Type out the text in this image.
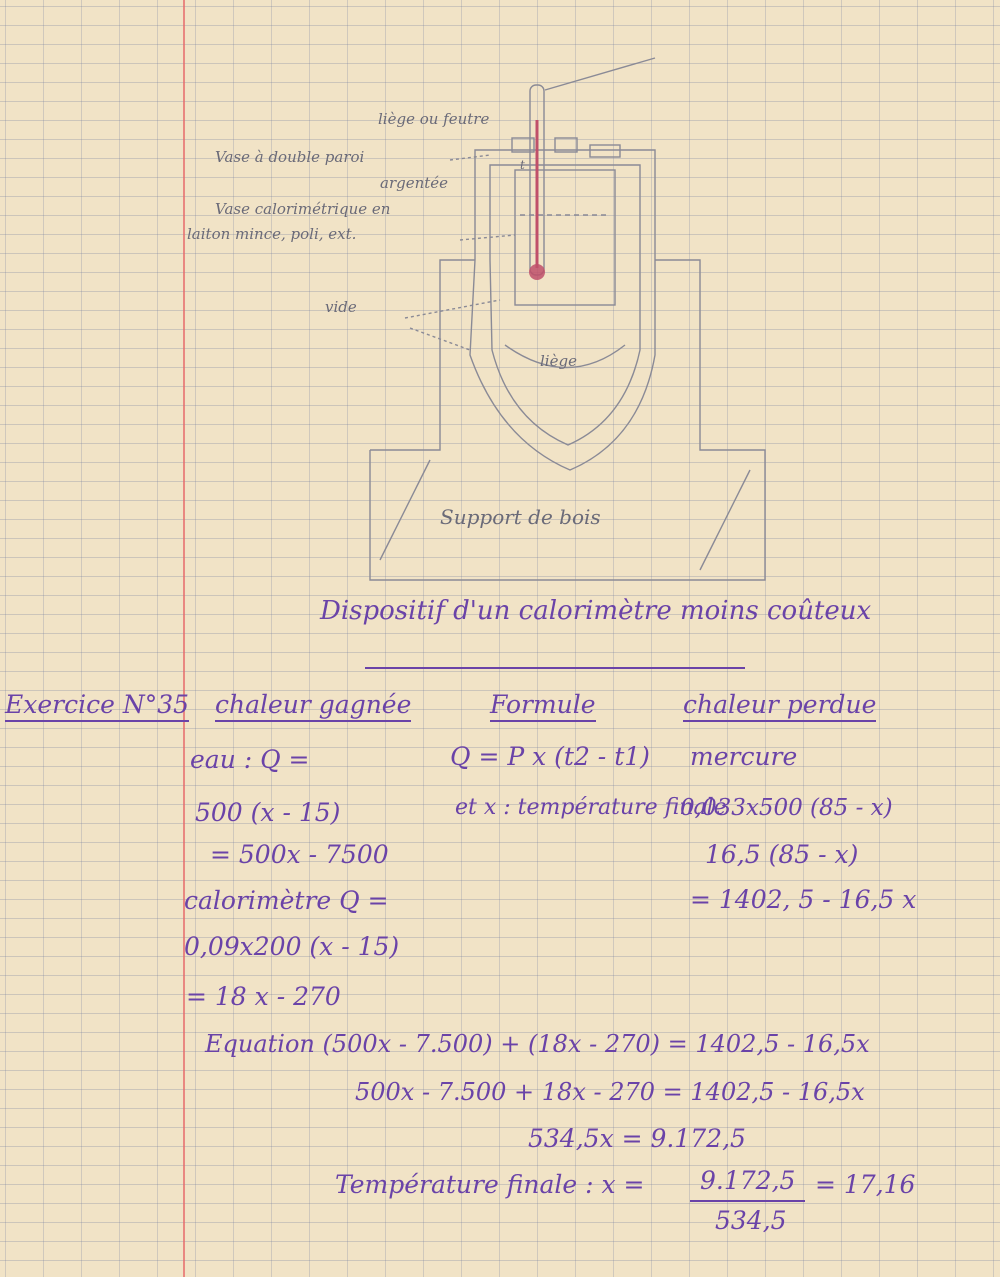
liège ou feutre
t
Vase à double paroi
argentée
Vase calorimétrique en
laiton mince, poli, ext.
vide
liège
Support de bois
Dispositif d'un calorimètre moins coûteux
Exercice N°35 chaleur gagnée	Formule	chaleur perdue
eau : Q =
500 (x - 15)
= 500x - 7500
calorimètre Q =
0,09x200 (x - 15)
= 18 x - 270
Q = P x (t2 - t1)
et x : température finale
mercure
0,033x500 (85 - x)
16,5 (85 - x)
= 1402, 5 - 16,5 x
Equation (500x - 7.500) + (18x - 270) = 1402,5 - 16,5x
500x - 7.500 + 18x - 270 = 1402,5 - 16,5x
534,5x = 9.172,5
Température finale : x = 9.172,5
534,5
= 17,16
